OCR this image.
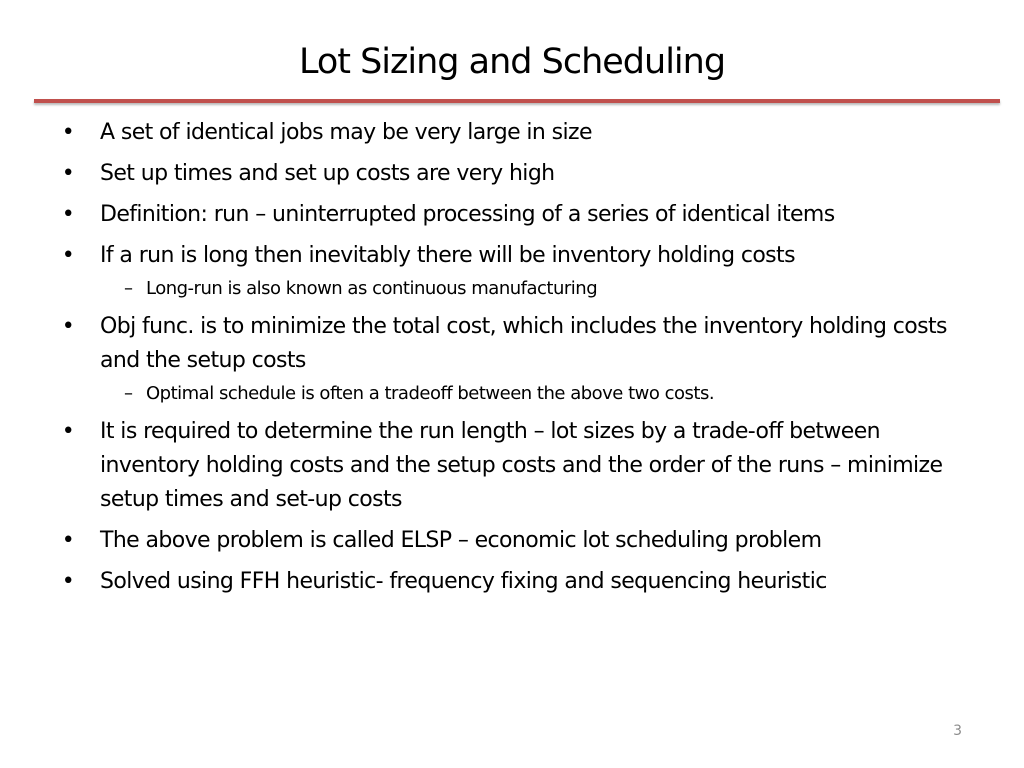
Lot Sizing and Scheduling
• A set of identical jobs may be very large in size
• Set up times and set up costs are very high
• Definition: run – uninterrupted processing of a series of identical items
• If a run is long then inevitably there will be inventory holding costs
– Long-run is also known as continuous manufacturing
• Obj func. is to minimize the total cost, which includes the inventory holding costs and the setup costs
– Optimal schedule is often a tradeoff between the above two costs.
• It is required to determine the run length – lot sizes by a trade-off between inventory holding costs and the setup costs and the order of the runs – minimize setup times and set-up costs
• The above problem is called ELSP – economic lot scheduling problem
• Solved using FFH heuristic- frequency fixing and sequencing heuristic
3
